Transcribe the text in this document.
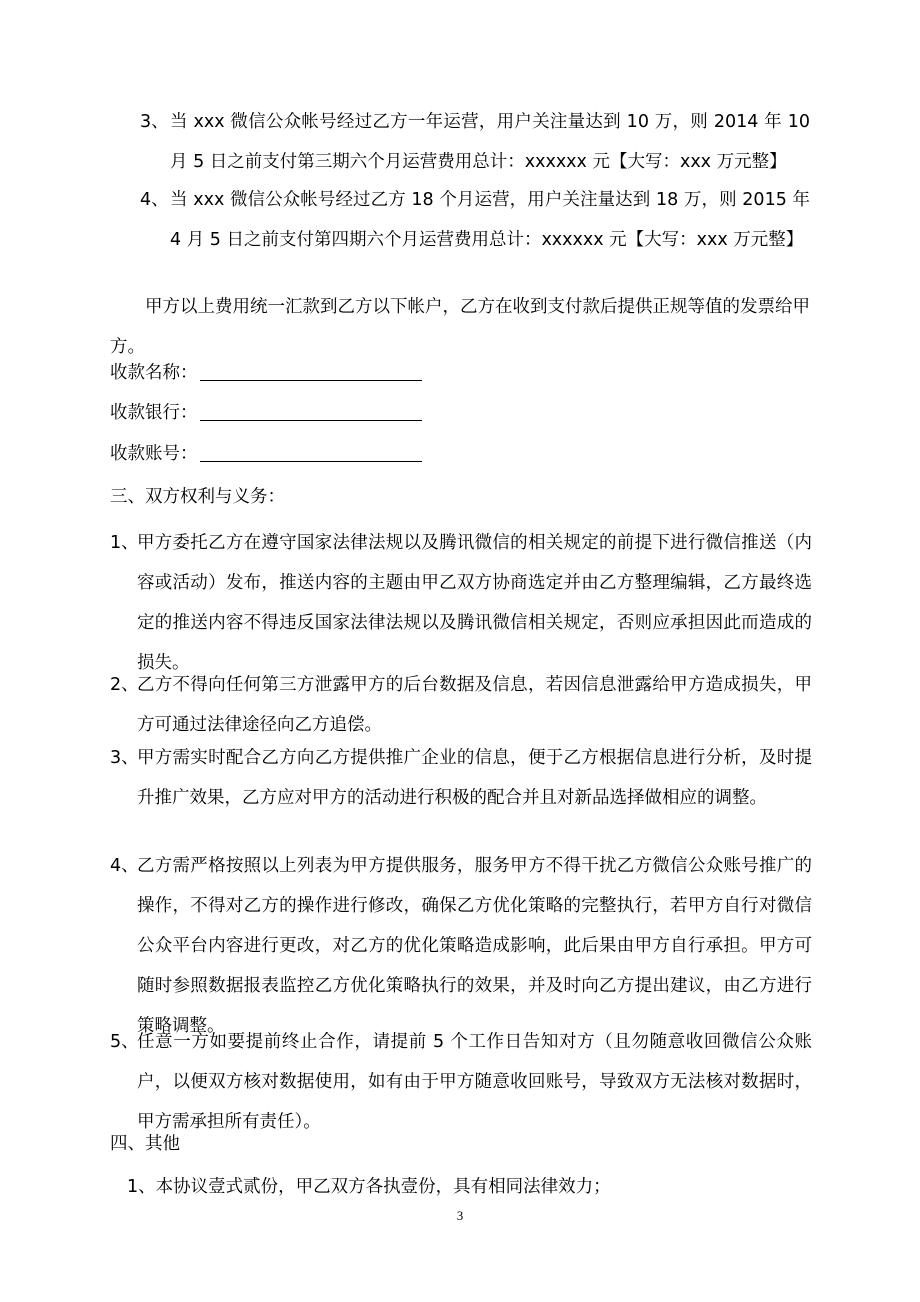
3、 当 xxx 微信公众帐号经过乙方一年运营，用户关注量达到 10 万，则 2014 年 10 月 5 日之前支付第三期六个月运营费用总计：xxxxxx 元【大写：xxx 万元整】
4、 当 xxx 微信公众帐号经过乙方 18 个月运营，用户关注量达到 18 万，则 2015 年 4 月 5 日之前支付第四期六个月运营费用总计：xxxxxx 元【大写：xxx 万元整】
甲方以上费用统一汇款到乙方以下帐户，乙方在收到支付款后提供正规等值的发票给甲方。
收款名称：
收款银行：
收款账号：
三、双方权利与义务：
1、
甲方委托乙方在遵守国家法律法规以及腾讯微信的相关规定的前提下进行微信推送（内容或活动）发布，推送内容的主题由甲乙双方协商选定并由乙方整理编辑，乙方最终选定的推送内容不得违反国家法律法规以及腾讯微信相关规定，否则应承担因此而造成的损失。
2、
乙方不得向任何第三方泄露甲方的后台数据及信息，若因信息泄露给甲方造成损失，甲方可通过法律途径向乙方追偿。
3、
甲方需实时配合乙方向乙方提供推广企业的信息，便于乙方根据信息进行分析，及时提升推广效果，乙方应对甲方的活动进行积极的配合并且对新品选择做相应的调整。
4、
乙方需严格按照以上列表为甲方提供服务，服务甲方不得干扰乙方微信公众账号推广的操作，不得对乙方的操作进行修改，确保乙方优化策略的完整执行，若甲方自行对微信公众平台内容进行更改，对乙方的优化策略造成影响，此后果由甲方自行承担。甲方可随时参照数据报表监控乙方优化策略执行的效果，并及时向乙方提出建议，由乙方进行策略调整。
5、
任意一方如要提前终止合作，请提前 5 个工作日告知对方（且勿随意收回微信公众账户，以便双方核对数据使用，如有由于甲方随意收回账号，导致双方无法核对数据时，甲方需承担所有责任）。
四、其他
1、本协议壹式贰份，甲乙双方各执壹份，具有相同法律效力；
3
